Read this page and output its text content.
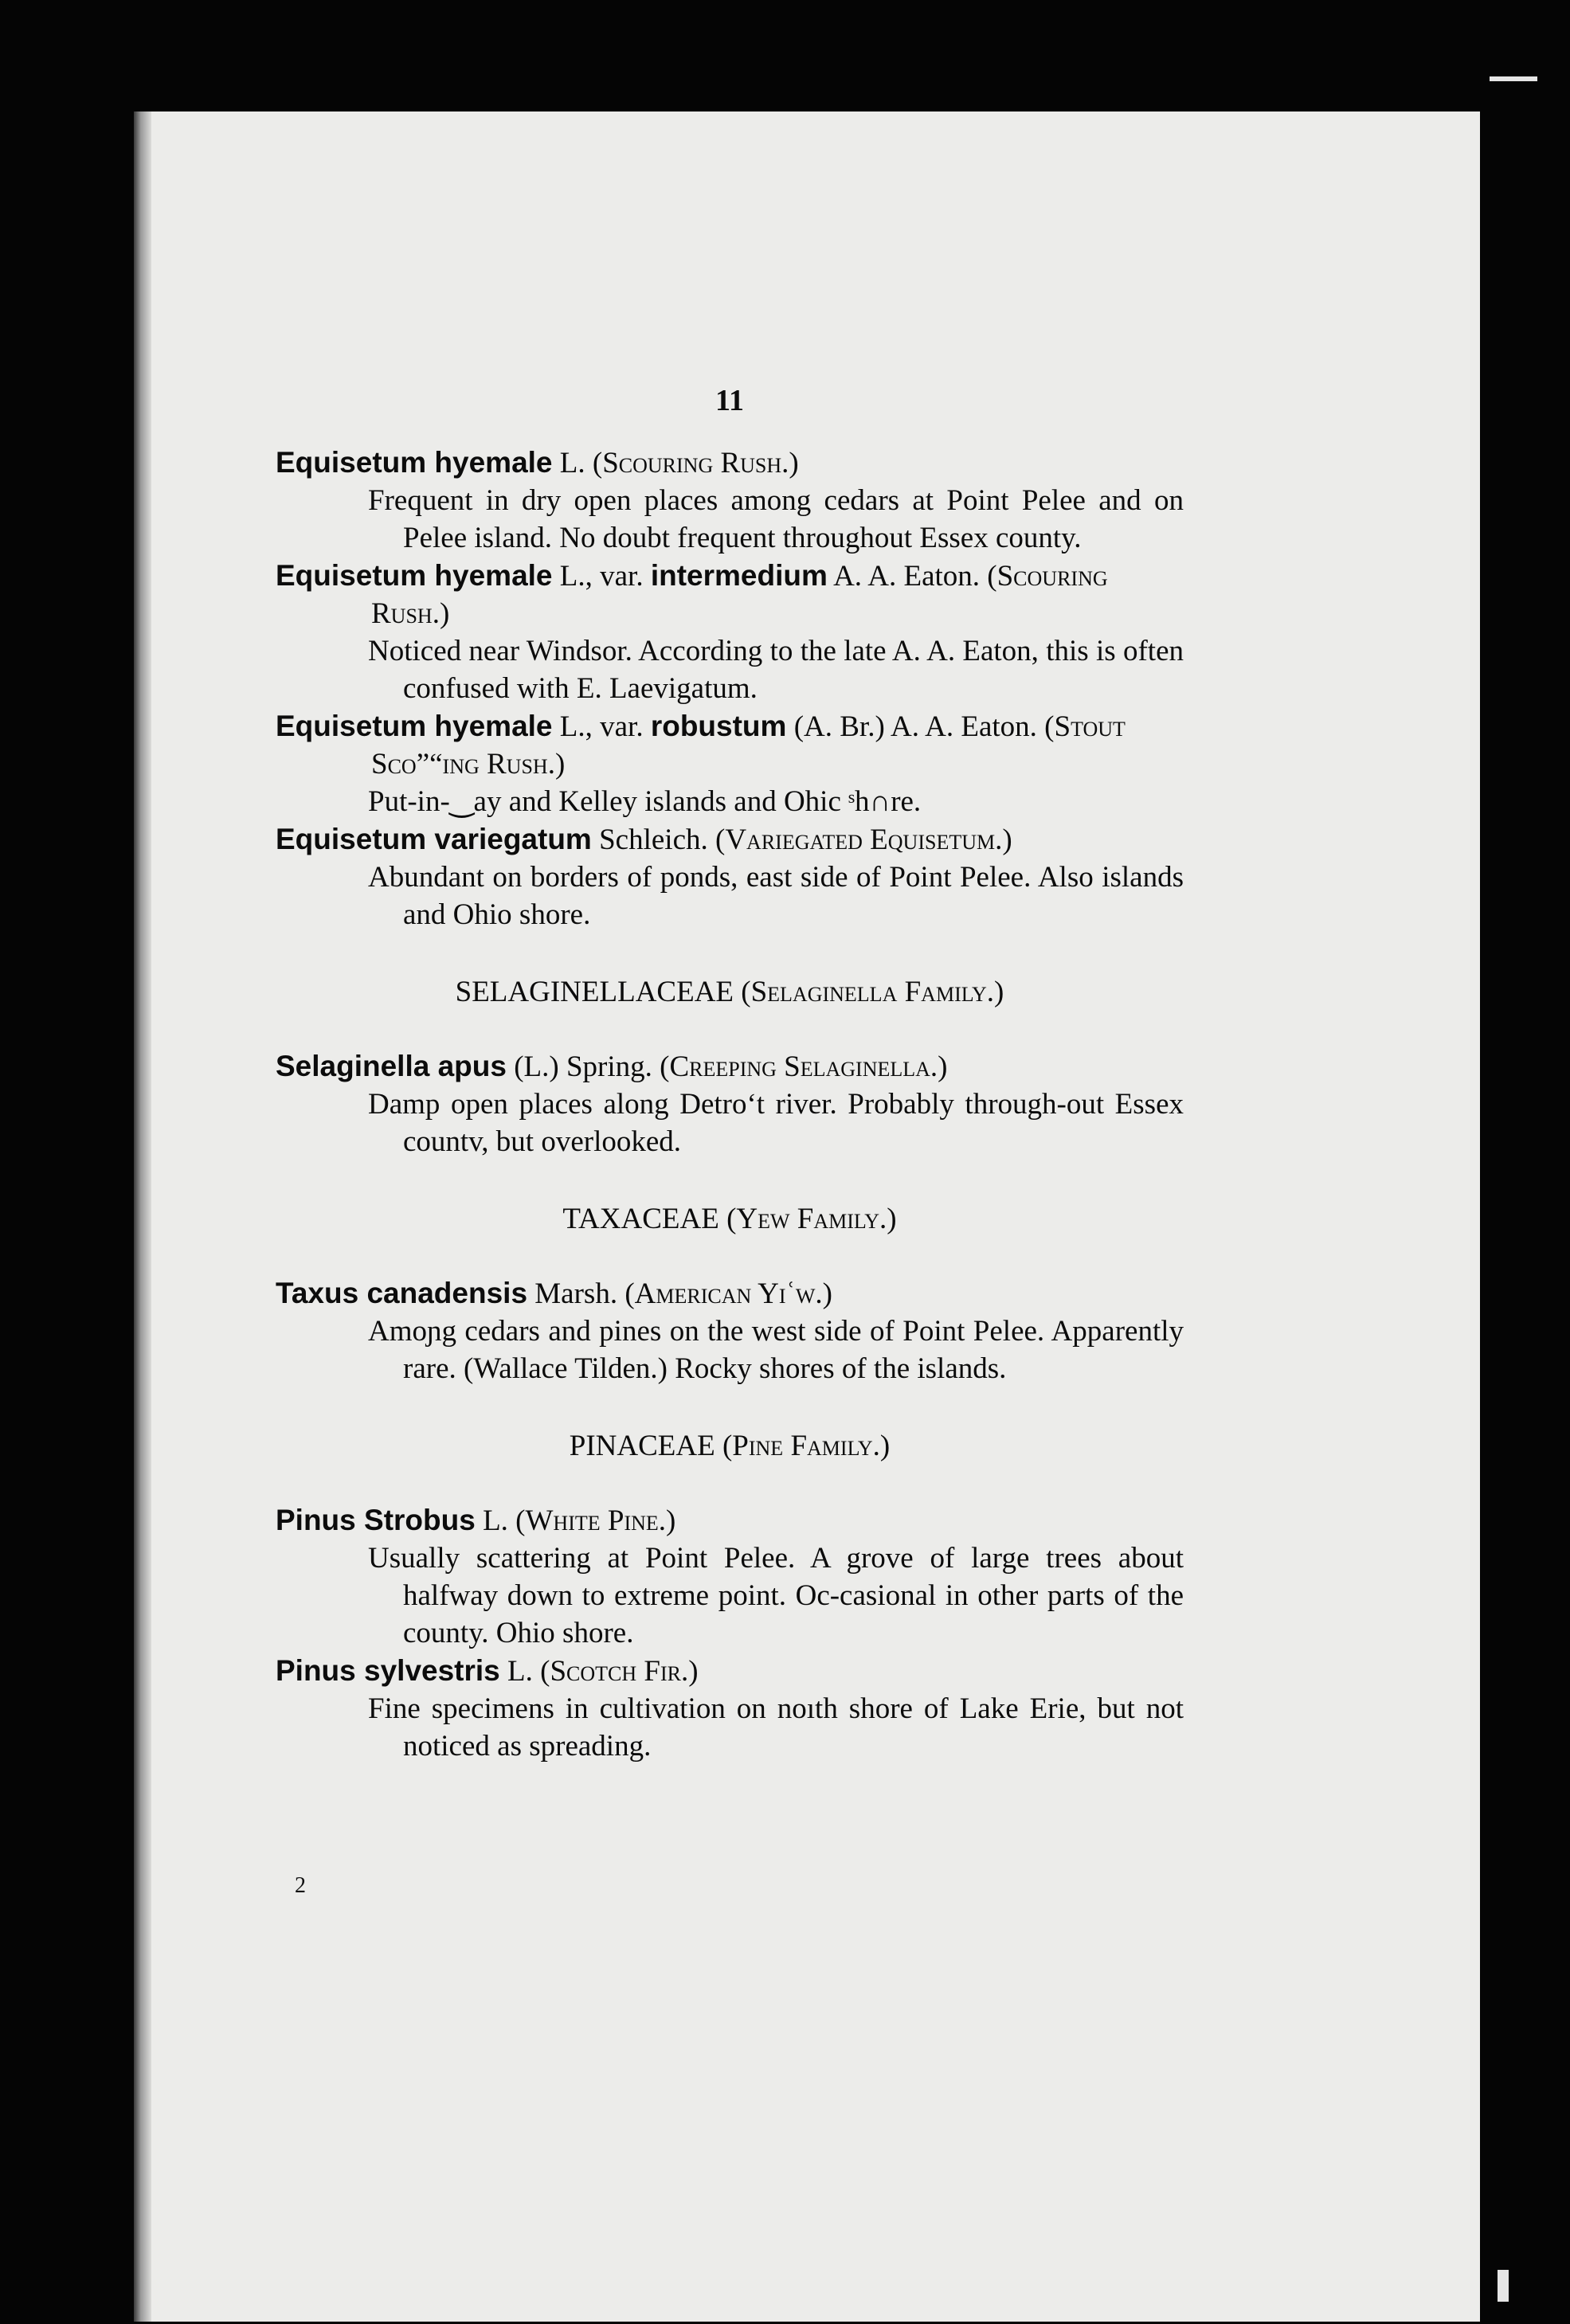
11

Equisetum hyemale L. (Scouring Rush.)
Frequent in dry open places among cedars at Point Pelee and on Pelee island. No doubt frequent throughout Essex county.

Equisetum hyemale L., var. intermedium A. A. Eaton. (Scouring Rush.)
Noticed near Windsor. According to the late A. A. Eaton, this is often confused with E. Laevigatum.

Equisetum hyemale L., var. robustum (A. Br.) A. A. Eaton. (Stout Sco”“ing Rush.)
Put-in-‿ay and Kelley islands and Ohic ˢh∩re.

Equisetum variegatum Schleich. (Variegated Equisetum.)
Abundant on borders of ponds, east side of Point Pelee. Also islands and Ohio shore.

SELAGINELLACEAE (Selaginella Family.)

Selaginella apus (L.) Spring. (Creeping Selaginella.)
Damp open places along Detroʻt river. Probably through-out Essex countv, but overlooked.

TAXACEAE (Yew Family.)

Taxus canadensis Marsh. (American Yiʿw.)
Amoɲg cedars and pines on the west side of Point Pelee. Apparently rare. (Wallace Tilden.) Rocky shores of the islands.

PINACEAE (Pine Family.)

Pinus Strobus L. (White Pine.)
Usually scattering at Point Pelee. A grove of large trees about halfway down to extreme point. Oc-casional in other parts of the county. Ohio shore.

Pinus sylvestris L. (Scotch Fir.)
Fine specimens in cultivation on noıth shore of Lake Erie, but not noticed as spreading.

2
